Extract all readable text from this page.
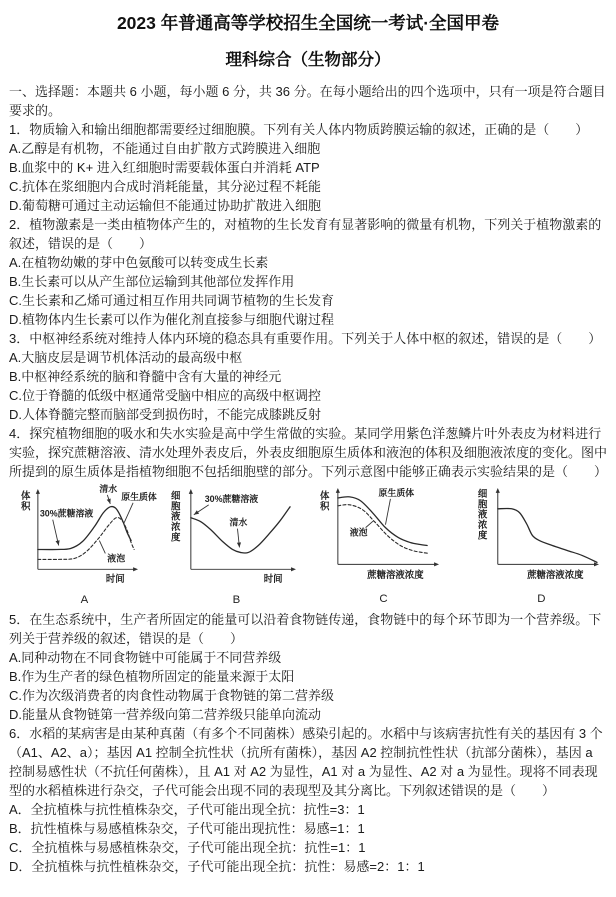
2023 年普通高等学校招生全国统一考试·全国甲卷
理科综合（生物部分）

一、选择题：本题共 6 小题，每小题 6 分，共 36 分。在每小题给出的四个选项中，只有一项是符合题目要求的。

1．物质输入和输出细胞都需要经过细胞膜。下列有关人体内物质跨膜运输的叙述，正确的是（　　）

A.乙醇是有机物，不能通过自由扩散方式跨膜进入细胞

B.血浆中的 K+ 进入红细胞时需要载体蛋白并消耗 ATP

C.抗体在浆细胞内合成时消耗能量，其分泌过程不耗能

D.葡萄糖可通过主动运输但不能通过协助扩散进入细胞

2．植物激素是一类由植物体产生的，对植物的生长发育有显著影响的微量有机物，下列关于植物激素的叙述，错误的是（　　）

A.在植物幼嫩的芽中色氨酸可以转变成生长素

B.生长素可以从产生部位运输到其他部位发挥作用

C.生长素和乙烯可通过相互作用共同调节植物的生长发育

D.植物体内生长素可以作为催化剂直接参与细胞代谢过程

3．中枢神经系统对维持人体内环境的稳态具有重要作用。下列关于人体中枢的叙述，错误的是（　　）

A.大脑皮层是调节机体活动的最高级中枢

B.中枢神经系统的脑和脊髓中含有大量的神经元

C.位于脊髓的低级中枢通常受脑中相应的高级中枢调控

D.人体脊髓完整而脑部受到损伤时，不能完成膝跳反射

4．探究植物细胞的吸水和失水实验是高中学生常做的实验。某同学用紫色洋葱鳞片叶外表皮为材料进行实验，探究蔗糖溶液、清水处理外表皮后，外表皮细胞原生质体和液泡的体积及细胞液浓度的变化。图中所提到的原生质体是指植物细胞不包括细胞壁的部分。下列示意图中能够正确表示实验结果的是（　　）

30%蔗糖溶液
清水
原生质体
液泡
体积
时间
A
30%蔗糖溶液
清水
细胞液浓度
时间
B
原生质体
液泡
体积
蔗糖溶液浓度
C
细胞液浓度
蔗糖溶液浓度
D

5．在生态系统中，生产者所固定的能量可以沿着食物链传递，食物链中的每个环节即为一个营养级。下列关于营养级的叙述，错误的是（　　）

A.同种动物在不同食物链中可能属于不同营养级

B.作为生产者的绿色植物所固定的能量来源于太阳

C.作为次级消费者的肉食性动物属于食物链的第二营养级

D.能量从食物链第一营养级向第二营养级只能单向流动

6．水稻的某病害是由某种真菌（有多个不同菌株）感染引起的。水稻中与该病害抗性有关的基因有 3 个（A1、A2、a）；基因 A1 控制全抗性状（抗所有菌株），基因 A2 控制抗性性状（抗部分菌株），基因 a 控制易感性状（不抗任何菌株），且 A1 对 A2 为显性，A1 对 a 为显性、A2 对 a 为显性。现将不同表现型的水稻植株进行杂交，子代可能会出现不同的表现型及其分离比。下列叙述错误的是（　　）

A．全抗植株与抗性植株杂交，子代可能出现全抗：抗性=3：1

B．抗性植株与易感植株杂交，子代可能出现抗性：易感=1：1

C．全抗植株与易感植株杂交，子代可能出现全抗：抗性=1：1

D．全抗植株与抗性植株杂交，子代可能出现全抗：抗性：易感=2：1：1
